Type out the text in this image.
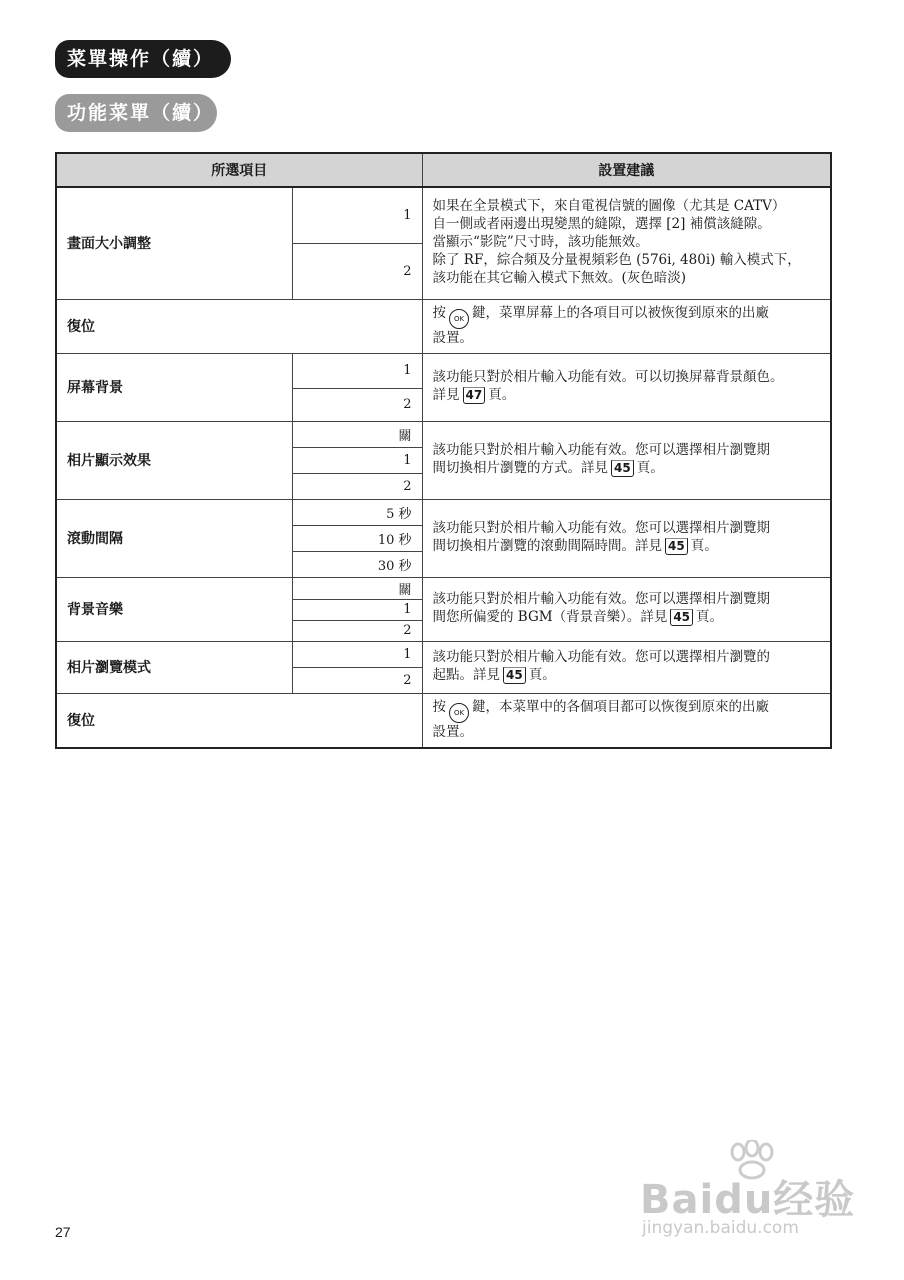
菜單操作（續）
功能菜單（續）
所選項目		設置建議
畫面大小調整	1	如果在全景模式下，來自電視信號的圖像（尤其是 CATV）
自一側或者兩邊出現變黑的縫隙，選擇 [2] 補償該縫隙。
當顯示“影院”尺寸時，該功能無效。
除了 RF，綜合頻及分量視頻彩色 (576i, 480i) 輸入模式下，
該功能在其它輸入模式下無效。(灰色暗淡)

	2	
復位		按 OK 鍵，菜單屏幕上的各項目可以被恢復到原來的出廠
設置。

屏幕背景	1	該功能只對於相片輸入功能有效。可以切換屏幕背景顏色。
詳見 47 頁。

	2	
相片顯示效果	關	該功能只對於相片輸入功能有效。您可以選擇相片瀏覽期
間切換相片瀏覽的方式。詳見 45 頁。

	1	
	2	
滾動間隔	5 秒	該功能只對於相片輸入功能有效。您可以選擇相片瀏覽期
間切換相片瀏覽的滾動間隔時間。詳見 45 頁。

	10 秒	
	30 秒	
背景音樂	關	該功能只對於相片輸入功能有效。您可以選擇相片瀏覽期
間您所偏愛的 BGM（背景音樂）。詳見 45 頁。

	1	
	2	
相片瀏覽模式	1	該功能只對於相片輸入功能有效。您可以選擇相片瀏覽的
起點。詳見 45 頁。

	2	
復位		按 OK 鍵，本菜單中的各個項目都可以恢復到原來的出廠
設置。
27
Baidu经验
jingyan.baidu.com
